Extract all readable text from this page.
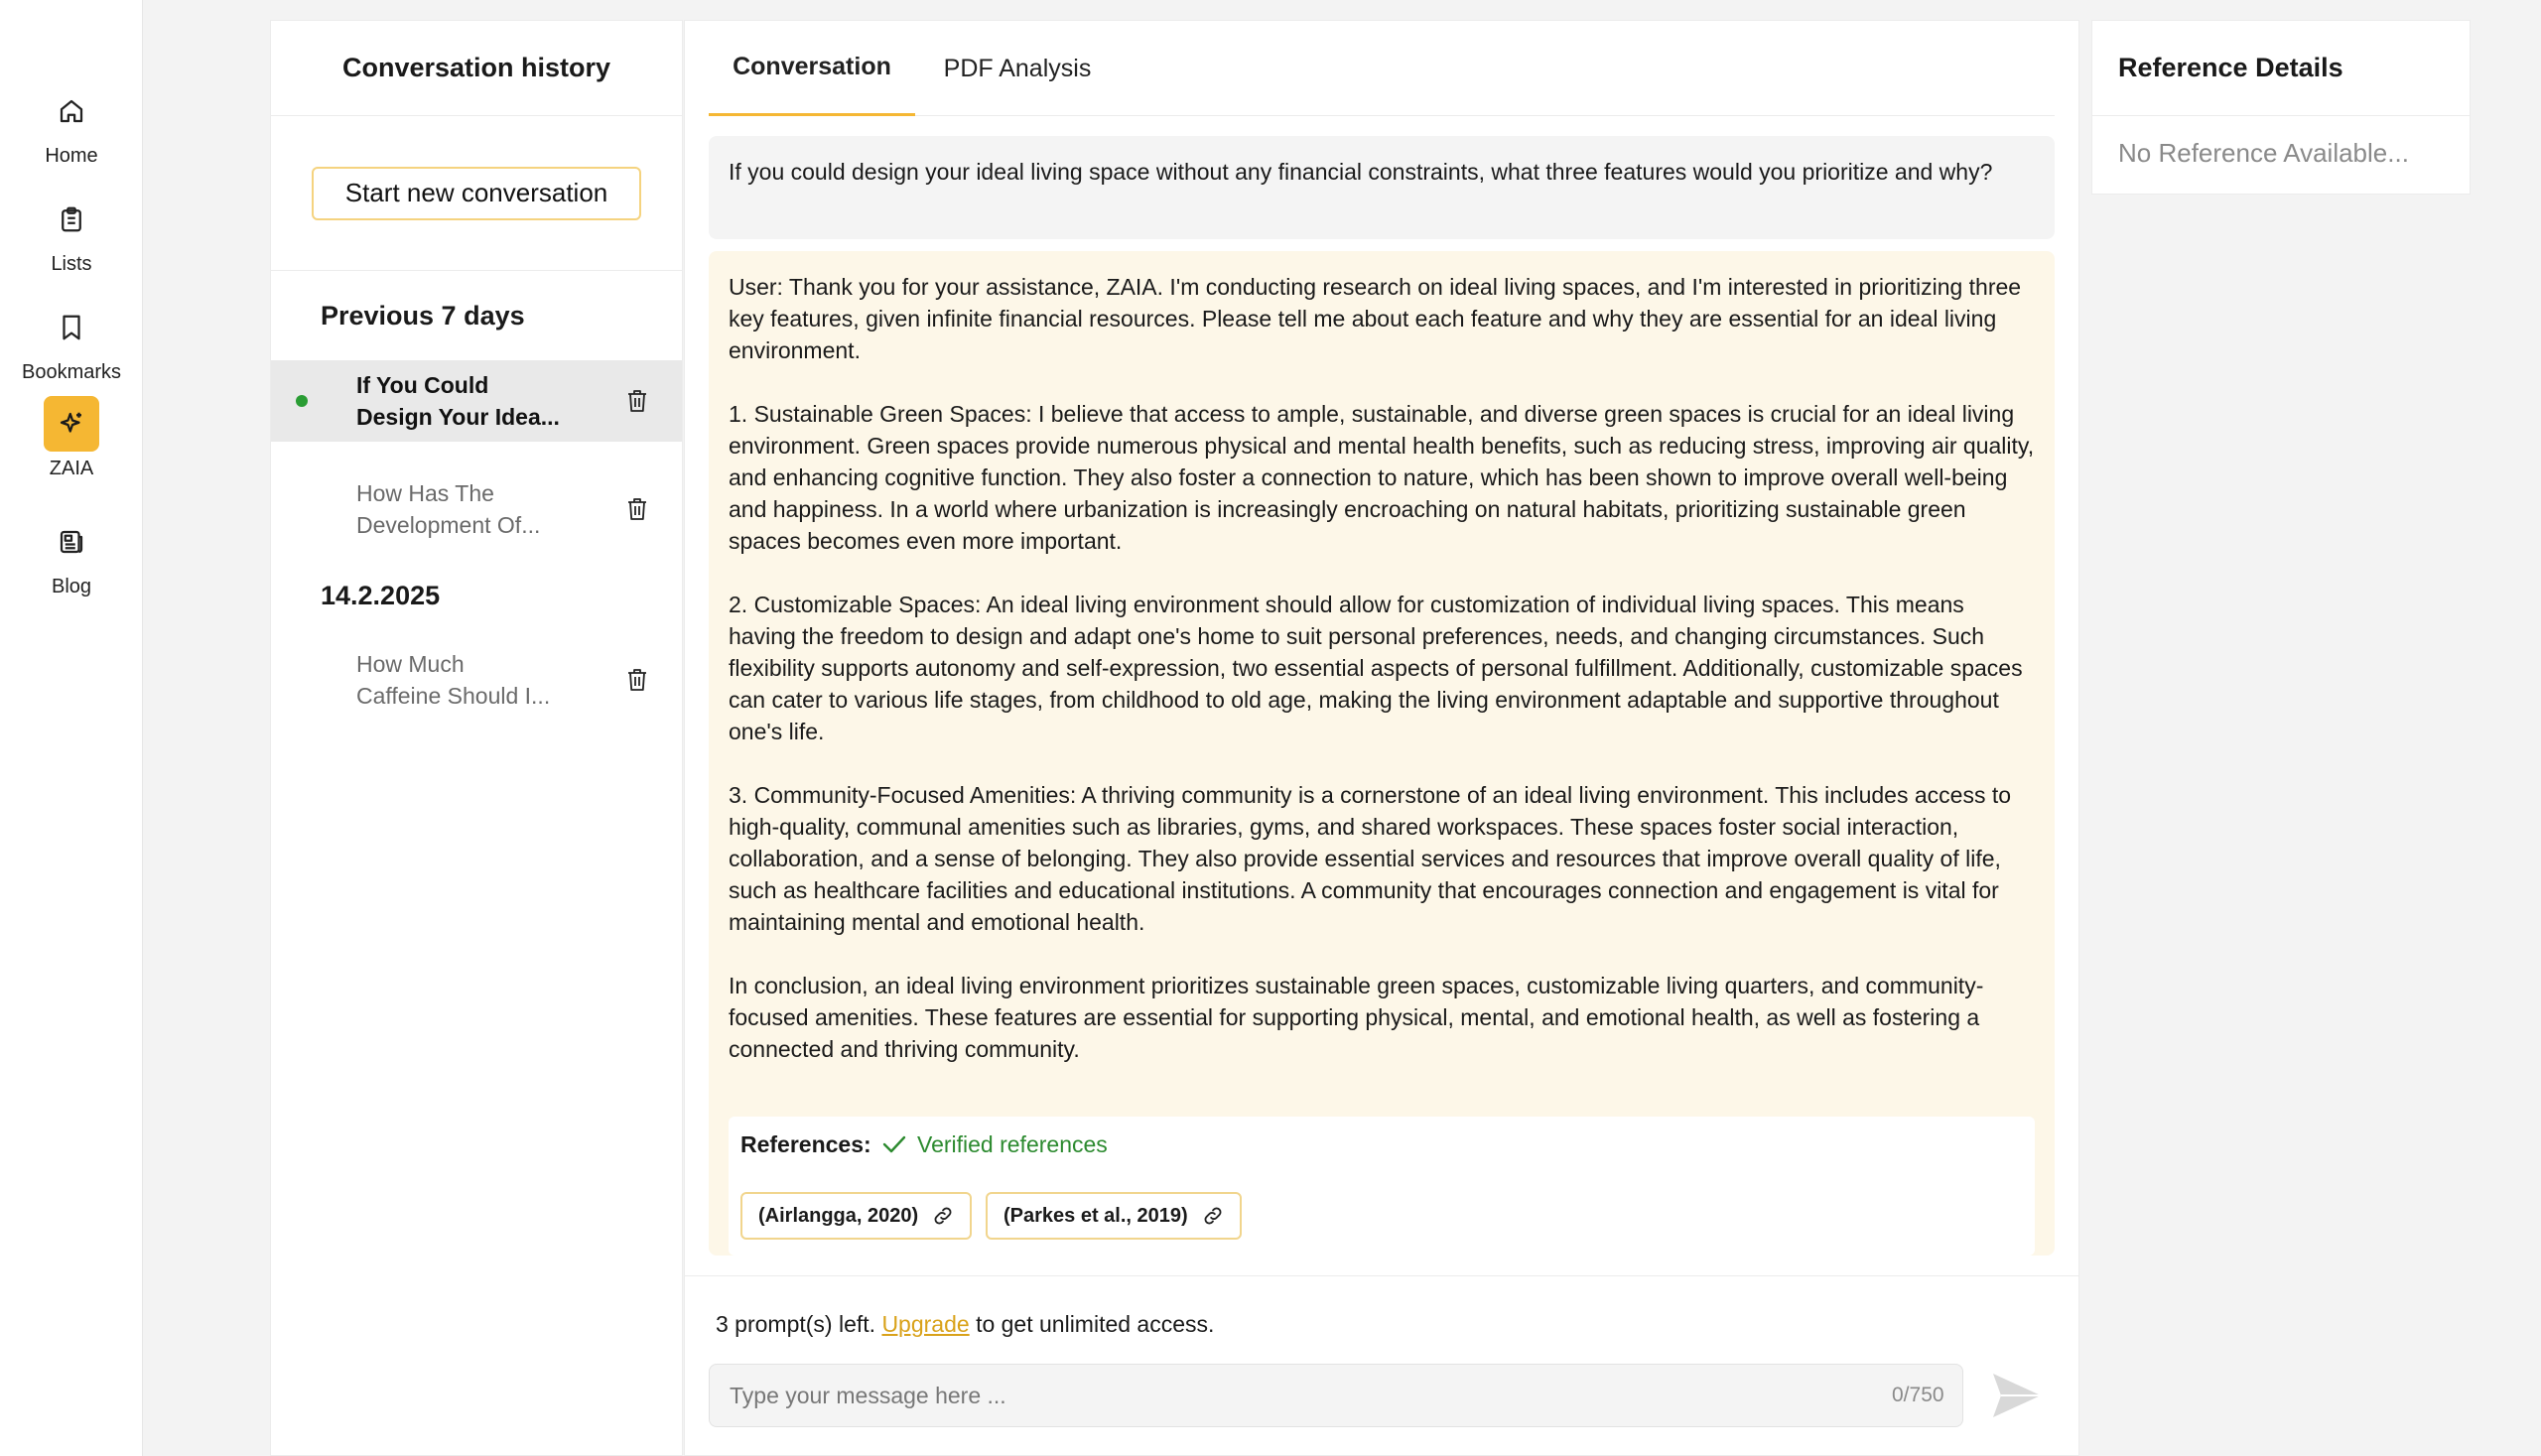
Home
Lists
Bookmarks
ZAIA
Blog
Conversation history
Start new conversation
Previous 7 days
If You Could
Design Your Idea...
How Has The
Development Of...
14.2.2025
How Much
Caffeine Should I...
Conversation	PDF Analysis
If you could design your ideal living space without any financial constraints, what three features would you prioritize and why?

User: Thank you for your assistance, ZAIA. I'm conducting research on ideal living spaces, and I'm interested in prioritizing three key features, given infinite financial resources. Please tell me about each feature and why they are essential for an ideal living environment.

1. Sustainable Green Spaces: I believe that access to ample, sustainable, and diverse green spaces is crucial for an ideal living environment. Green spaces provide numerous physical and mental health benefits, such as reducing stress, improving air quality, and enhancing cognitive function. They also foster a connection to nature, which has been shown to improve overall well-being and happiness. In a world where urbanization is increasingly encroaching on natural habitats, prioritizing sustainable green spaces becomes even more important.

2. Customizable Spaces: An ideal living environment should allow for customization of individual living spaces. This means having the freedom to design and adapt one's home to suit personal preferences, needs, and changing circumstances. Such flexibility supports autonomy and self-expression, two essential aspects of personal fulfillment. Additionally, customizable spaces can cater to various life stages, from childhood to old age, making the living environment adaptable and supportive throughout one's life.

3. Community-Focused Amenities: A thriving community is a cornerstone of an ideal living environment. This includes access to high-quality, communal amenities such as libraries, gyms, and shared workspaces. These spaces foster social interaction, collaboration, and a sense of belonging. They also provide essential services and resources that improve overall quality of life, such as healthcare facilities and educational institutions. A community that encourages connection and engagement is vital for maintaining mental and emotional health.

In conclusion, an ideal living environment prioritizes sustainable green spaces, customizable living quarters, and community-focused amenities. These features are essential for supporting physical, mental, and emotional health, as well as fostering a connected and thriving community.

References: Verified references
(Airlangga, 2020)	(Parkes et al., 2019)
3 prompt(s) left. Upgrade to get unlimited access.
Type your message here ...
0/750
Reference Details
No Reference Available...
